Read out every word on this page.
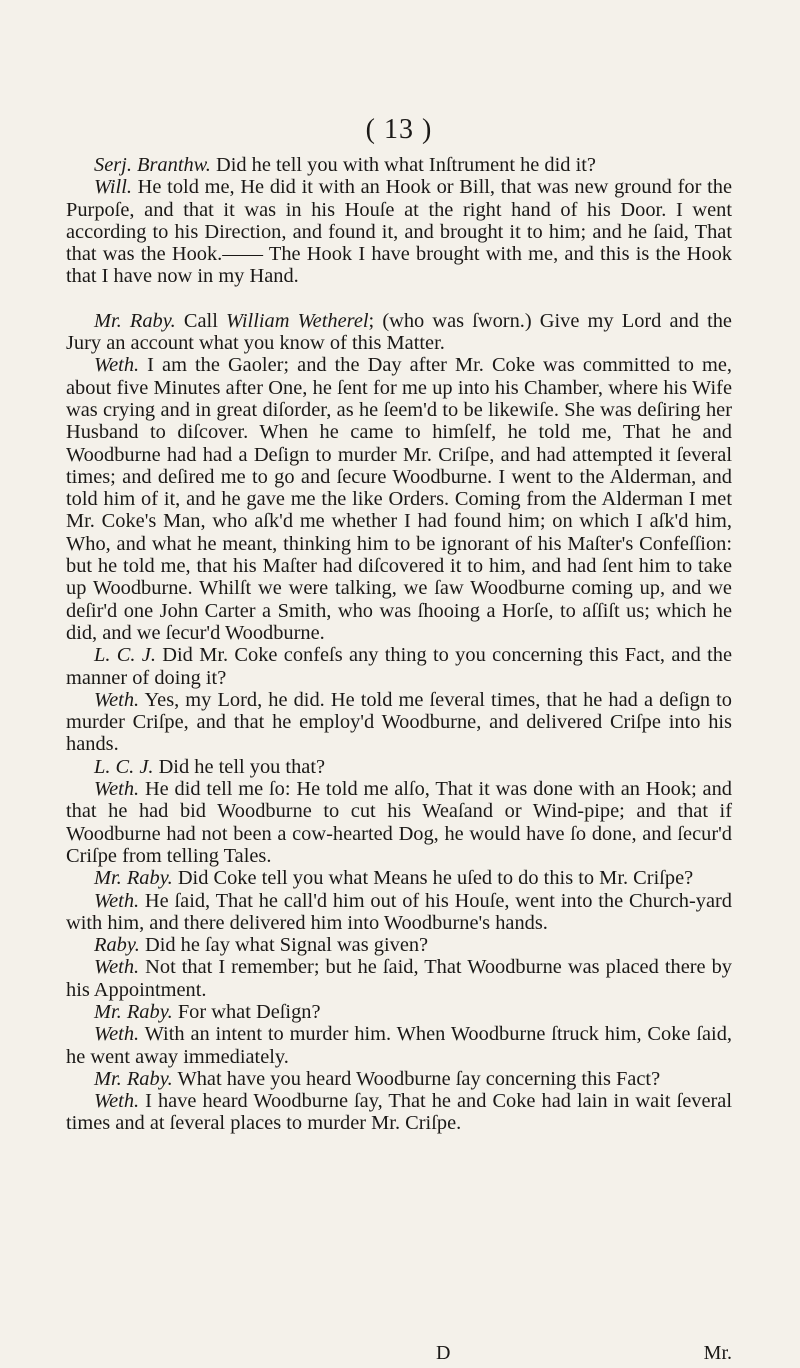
( 13 )

Serj. Branthw. Did he tell you with what Inſtrument he did it?

Will. He told me, He did it with an Hook or Bill, that was new ground for the Purpoſe, and that it was in his Houſe at the right hand of his Door. I went according to his Direction, and found it, and brought it to him; and he ſaid, That that was the Hook.—— The Hook I have brought with me, and this is the Hook that I have now in my Hand.

Mr. Raby. Call William Wetherel; (who was ſworn.) Give my Lord and the Jury an account what you know of this Matter.

Weth. I am the Gaoler; and the Day after Mr. Coke was committed to me, about five Minutes after One, he ſent for me up into his Chamber, where his Wife was crying and in great diſorder, as he ſeem'd to be likewiſe. She was deſiring her Husband to diſcover. When he came to himſelf, he told me, That he and Woodburne had had a Deſign to murder Mr. Criſpe, and had attempted it ſeveral times; and deſired me to go and ſecure Woodburne. I went to the Alderman, and told him of it, and he gave me the like Orders. Coming from the Alderman I met Mr. Coke's Man, who aſk'd me whether I had found him; on which I aſk'd him, Who, and what he meant, thinking him to be ignorant of his Maſter's Confeſſion: but he told me, that his Maſter had diſcovered it to him, and had ſent him to take up Woodburne. Whilſt we were talking, we ſaw Woodburne coming up, and we deſir'd one John Carter a Smith, who was ſhooing a Horſe, to aſſiſt us; which he did, and we ſecur'd Woodburne.

L. C. J. Did Mr. Coke confeſs any thing to you concerning this Fact, and the manner of doing it?

Weth. Yes, my Lord, he did. He told me ſeveral times, that he had a deſign to murder Criſpe, and that he employ'd Woodburne, and delivered Criſpe into his hands.

L. C. J. Did he tell you that?

Weth. He did tell me ſo: He told me alſo, That it was done with an Hook; and that he had bid Woodburne to cut his Weaſand or Wind-pipe; and that if Woodburne had not been a cow-hearted Dog, he would have ſo done, and ſecur'd Criſpe from telling Tales.

Mr. Raby. Did Coke tell you what Means he uſed to do this to Mr. Criſpe?

Weth. He ſaid, That he call'd him out of his Houſe, went into the Church-yard with him, and there delivered him into Woodburne's hands.

Raby. Did he ſay what Signal was given?

Weth. Not that I remember; but he ſaid, That Woodburne was placed there by his Appointment.

Mr. Raby. For what Deſign?

Weth. With an intent to murder him. When Woodburne ſtruck him, Coke ſaid, he went away immediately.

Mr. Raby. What have you heard Woodburne ſay concerning this Fact?

Weth. I have heard Woodburne ſay, That he and Coke had lain in wait ſeveral times and at ſeveral places to murder Mr. Criſpe.

D	Mr.
